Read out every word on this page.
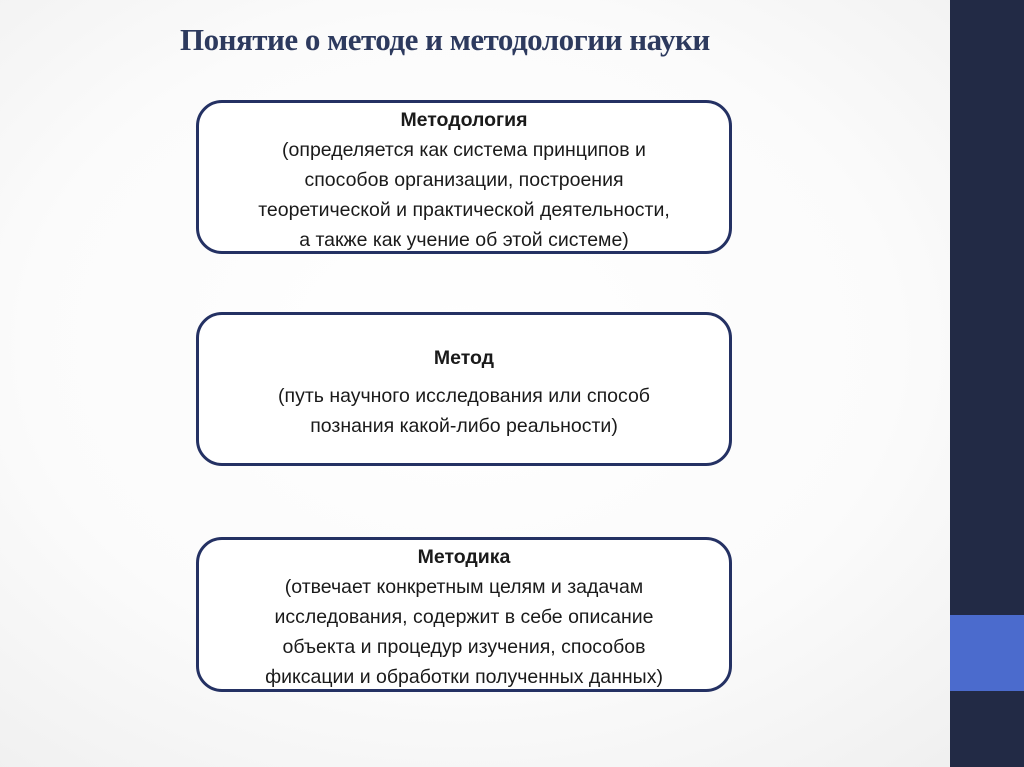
Понятие о методе и методологии науки
Методология
(определяется как система принципов и
способов организации, построения
теоретической и практической деятельности,
а также как учение об этой системе)
Метод
(путь научного исследования или способ
познания какой-либо реальности)
Методика
(отвечает конкретным целям и задачам
исследования, содержит в себе описание
объекта и процедур изучения, способов
фиксации и обработки полученных данных)
